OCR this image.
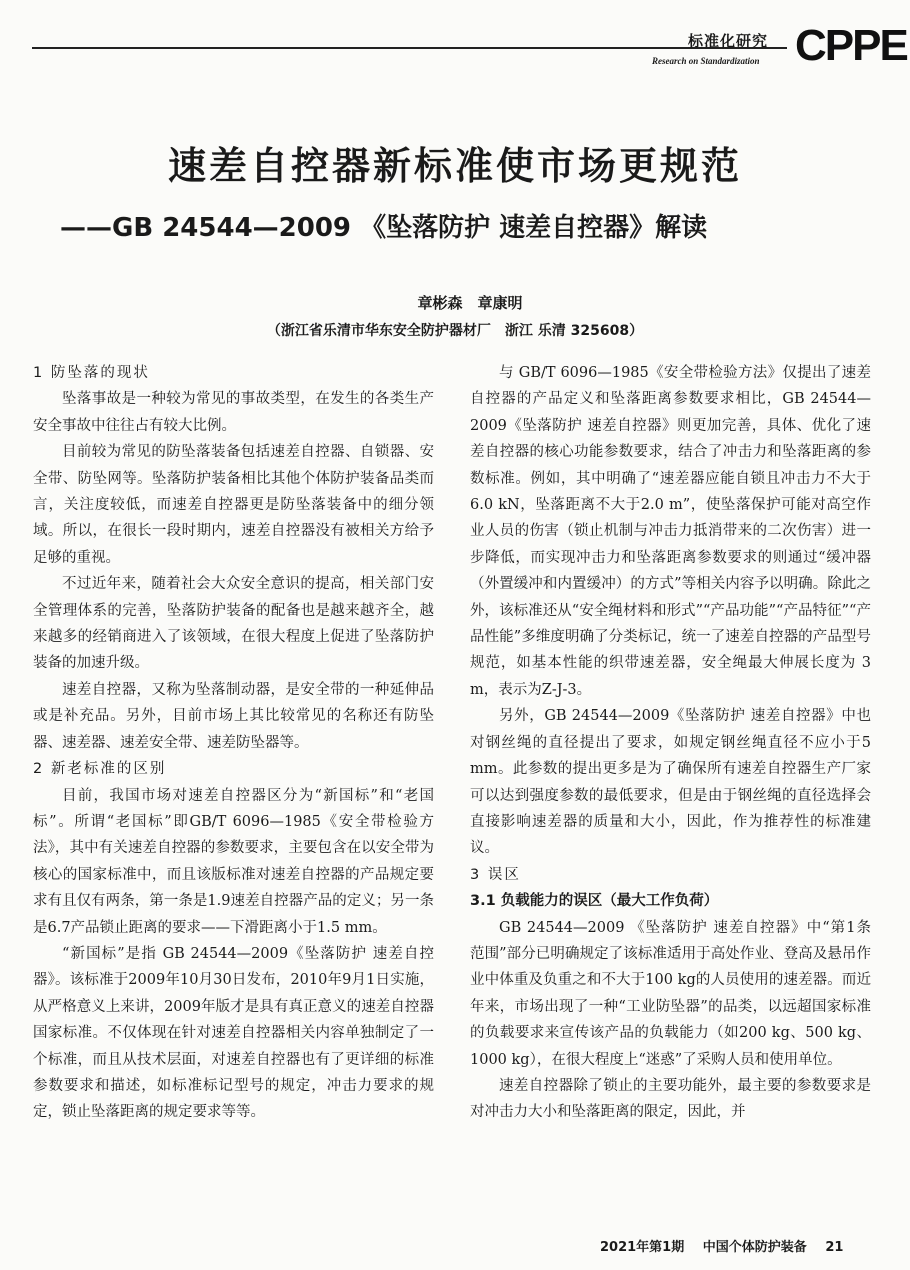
标准化研究
Research on Standardization CPPE
速差自控器新标准使市场更规范
——GB 24544—2009 《坠落防护 速差自控器》解读
章彬森　章康明
（浙江省乐清市华东安全防护器材厂　浙江 乐清 325608）
1 防坠落的现状

坠落事故是一种较为常见的事故类型，在发生的各类生产安全事故中往往占有较大比例。

目前较为常见的防坠落装备包括速差自控器、自锁器、安全带、防坠网等。坠落防护装备相比其他个体防护装备品类而言，关注度较低，而速差自控器更是防坠落装备中的细分领域。所以，在很长一段时期内，速差自控器没有被相关方给予足够的重视。

不过近年来，随着社会大众安全意识的提高，相关部门安全管理体系的完善，坠落防护装备的配备也是越来越齐全，越来越多的经销商进入了该领域，在很大程度上促进了坠落防护装备的加速升级。

速差自控器，又称为坠落制动器，是安全带的一种延伸品或是补充品。另外，目前市场上其比较常见的名称还有防坠器、速差器、速差安全带、速差防坠器等。

2 新老标准的区别

目前，我国市场对速差自控器区分为“新国标”和“老国标”。所谓“老国标”即GB/T 6096—1985《安全带检验方法》，其中有关速差自控器的参数要求，主要包含在以安全带为核心的国家标准中，而且该版标准对速差自控器的产品规定要求有且仅有两条，第一条是1.9速差自控器产品的定义；另一条是6.7产品锁止距离的要求——下滑距离小于1.5 mm。

“新国标”是指 GB 24544—2009《坠落防护 速差自控器》。该标准于2009年10月30日发布，2010年9月1日实施，从严格意义上来讲，2009年版才是具有真正意义的速差自控器国家标准。不仅体现在针对速差自控器相关内容单独制定了一个标准，而且从技术层面，对速差自控器也有了更详细的标准参数要求和描述，如标准标记型号的规定，冲击力要求的规定，锁止坠落距离的规定要求等等。

与 GB/T 6096—1985《安全带检验方法》仅提出了速差自控器的产品定义和坠落距离参数要求相比，GB 24544—2009《坠落防护 速差自控器》则更加完善，具体、优化了速差自控器的核心功能参数要求，结合了冲击力和坠落距离的参数标准。例如，其中明确了“速差器应能自锁且冲击力不大于6.0 kN，坠落距离不大于2.0 m”，使坠落保护可能对高空作业人员的伤害（锁止机制与冲击力抵消带来的二次伤害）进一步降低，而实现冲击力和坠落距离参数要求的则通过“缓冲器（外置缓冲和内置缓冲）的方式”等相关内容予以明确。除此之外，该标准还从“安全绳材料和形式”“产品功能”“产品特征”“产品性能”多维度明确了分类标记，统一了速差自控器的产品型号规范，如基本性能的织带速差器，安全绳最大伸展长度为 3 m，表示为Z-J-3。

另外，GB 24544—2009《坠落防护 速差自控器》中也对钢丝绳的直径提出了要求，如规定钢丝绳直径不应小于5 mm。此参数的提出更多是为了确保所有速差自控器生产厂家可以达到强度参数的最低要求，但是由于钢丝绳的直径选择会直接影响速差器的质量和大小，因此，作为推荐性的标准建议。

3 误区
3.1 负载能力的误区（最大工作负荷）

GB 24544—2009 《坠落防护 速差自控器》中“第1条 范围”部分已明确规定了该标准适用于高处作业、登高及悬吊作业中体重及负重之和不大于100 kg的人员使用的速差器。而近年来，市场出现了一种“工业防坠器”的品类，以远超国家标准的负载要求来宣传该产品的负载能力（如200 kg、500 kg、1000 kg），在很大程度上“迷惑”了采购人员和使用单位。

速差自控器除了锁止的主要功能外，最主要的参数要求是对冲击力大小和坠落距离的限定，因此，并

2021年第1期 中国个体防护装备 21
